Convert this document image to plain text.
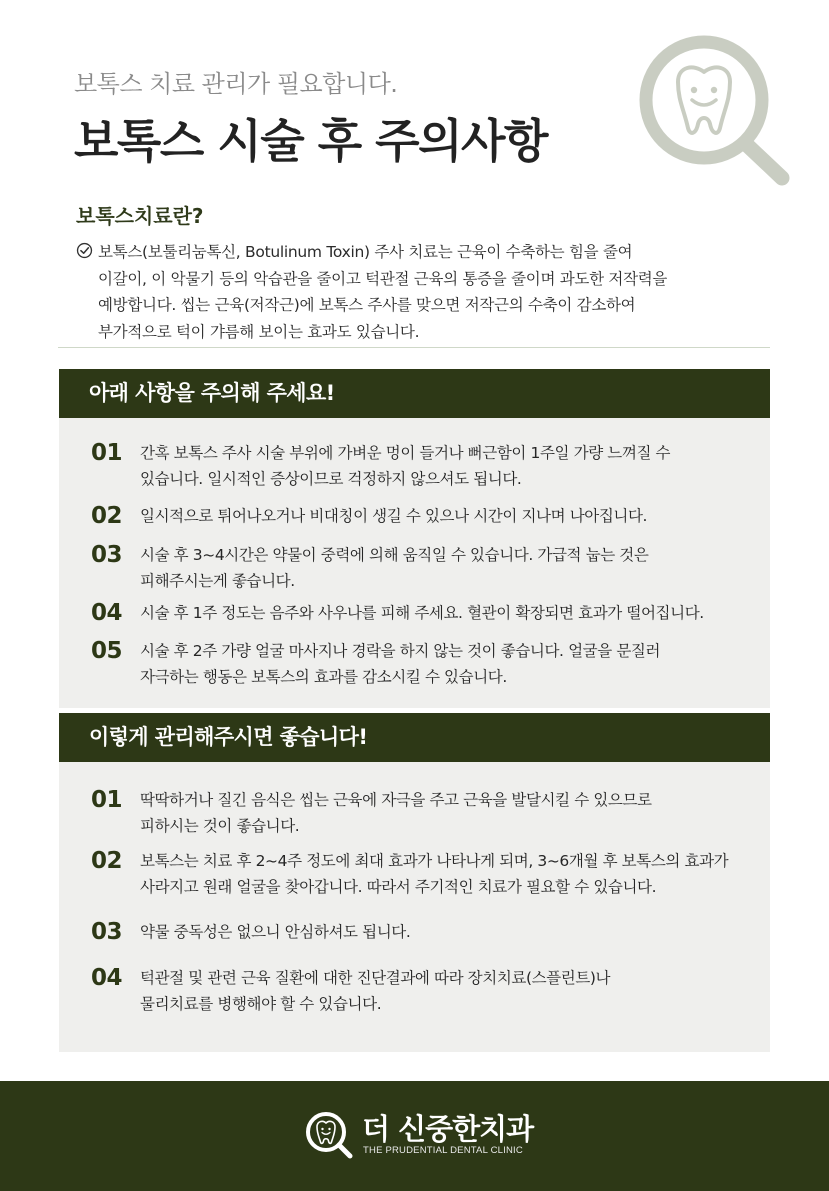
보톡스 치료 관리가 필요합니다.

보톡스 시술 후 주의사항
보톡스치료란?

보톡스(보툴리눔톡신, Botulinum Toxin) 주사 치료는 근육이 수축하는 힘을 줄여
이갈이, 이 악물기 등의 악습관을 줄이고 턱관절 근육의 통증을 줄이며 과도한 저작력을
예방합니다. 씹는 근육(저작근)에 보톡스 주사를 맞으면 저작근의 수축이 감소하여
부가적으로 턱이 갸름해 보이는 효과도 있습니다.

아래 사항을 주의해 주세요!
01 간혹 보톡스 주사 시술 부위에 가벼운 멍이 들거나 뻐근함이 1주일 가량 느껴질 수
있습니다. 일시적인 증상이므로 걱정하지 않으셔도 됩니다.
02 일시적으로 튀어나오거나 비대칭이 생길 수 있으나 시간이 지나며 나아집니다.
03 시술 후 3~4시간은 약물이 중력에 의해 움직일 수 있습니다. 가급적 눕는 것은
피해주시는게 좋습니다.
04 시술 후 1주 정도는 음주와 사우나를 피해 주세요. 혈관이 확장되면 효과가 떨어집니다.
05 시술 후 2주 가량 얼굴 마사지나 경락을 하지 않는 것이 좋습니다. 얼굴을 문질러
자극하는 행동은 보톡스의 효과를 감소시킬 수 있습니다.
이렇게 관리해주시면 좋습니다!
01 딱딱하거나 질긴 음식은 씹는 근육에 자극을 주고 근육을 발달시킬 수 있으므로
피하시는 것이 좋습니다.
02 보톡스는 치료 후 2~4주 정도에 최대 효과가 나타나게 되며, 3~6개월 후 보톡스의 효과가
사라지고 원래 얼굴을 찾아갑니다. 따라서 주기적인 치료가 필요할 수 있습니다.
03 약물 중독성은 없으니 안심하셔도 됩니다.
04 턱관절 및 관련 근육 질환에 대한 진단결과에 따라 장치치료(스플린트)나
물리치료를 병행해야 할 수 있습니다.

더 신중한치과

THE PRUDENTIAL DENTAL CLINIC
